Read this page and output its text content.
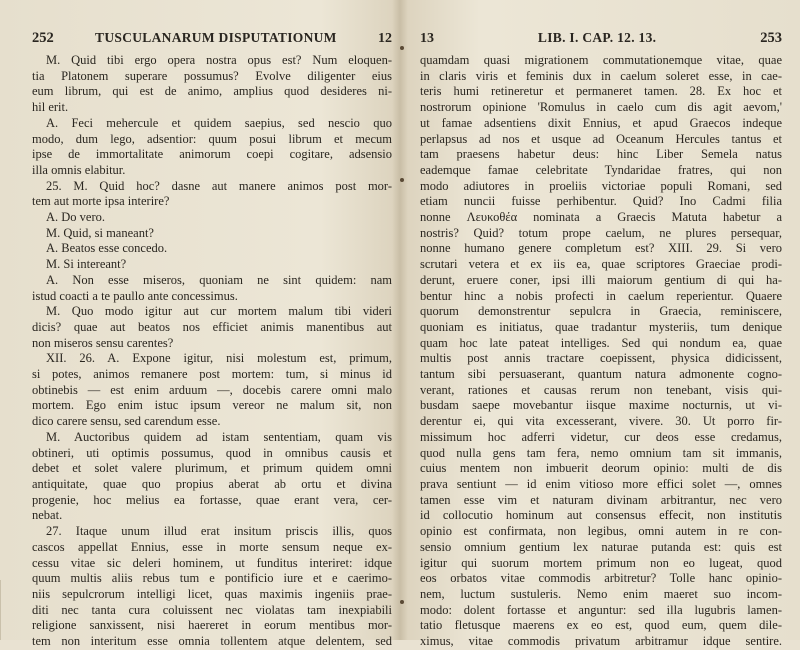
252	TUSCULANARUM DISPUTATIONUM	12
M. Quid tibi ergo opera nostra opus est? Num eloquen-
tia Platonem superare possumus? Evolve diligenter eius
eum librum, qui est de animo, amplius quod desideres ni-
hil erit.
A. Feci mehercule et quidem saepius, sed nescio quo
modo, dum lego, adsentior: quum posui librum et mecum
ipse de immortalitate animorum coepi cogitare, adsensio
illa omnis elabitur.
25. M. Quid hoc? dasne aut manere animos post mor-
tem aut morte ipsa interire?
A. Do vero.
M. Quid, si maneant?
A. Beatos esse concedo.
M. Si intereant?
A. Non esse miseros, quoniam ne sint quidem: nam
istud coacti a te paullo ante concessimus.
M. Quo modo igitur aut cur mortem malum tibi videri
dicis? quae aut beatos nos efficiet animis manentibus aut
non miseros sensu carentes?
XII. 26. A. Expone igitur, nisi molestum est, primum,
si potes, animos remanere post mortem: tum, si minus id
obtinebis — est enim arduum —, docebis carere omni malo
mortem. Ego enim istuc ipsum vereor ne malum sit, non
dico carere sensu, sed carendum esse.
M. Auctoribus quidem ad istam sententiam, quam vis
obtineri, uti optimis possumus, quod in omnibus causis et
debet et solet valere plurimum, et primum quidem omni
antiquitate, quae quo propius aberat ab ortu et divina
progenie, hoc melius ea fortasse, quae erant vera, cer-
nebat.
27. Itaque unum illud erat insitum priscis illis, quos
cascos appellat Ennius, esse in morte sensum neque ex-
cessu vitae sic deleri hominem, ut funditus interiret: idque
quum multis aliis rebus tum e pontificio iure et e caerimo-
niis sepulcrorum intelligi licet, quas maximis ingeniis prae-
diti nec tanta cura coluissent nec violatas tam inexpiabili
religione sanxissent, nisi haereret in eorum mentibus mor-
tem non interitum esse omnia tollentem atque delentem, sed
13	LIB. I. CAP. 12. 13.	253
quamdam quasi migrationem commutationemque vitae, quae
in claris viris et feminis dux in caelum soleret esse, in cae-
teris humi retineretur et permaneret tamen. 28. Ex hoc et
nostrorum opinione 'Romulus in caelo cum dis agit aevom,'
ut famae adsentiens dixit Ennius, et apud Graecos indeque
perlapsus ad nos et usque ad Oceanum Hercules tantus et
tam praesens habetur deus: hinc Liber Semela natus
eademque famae celebritate Tyndaridae fratres, qui non
modo adiutores in proeliis victoriae populi Romani, sed
etiam nuncii fuisse perhibentur. Quid? Ino Cadmi filia
nonne Λευκοθέα nominata a Graecis Matuta habetur a
nostris? Quid? totum prope caelum, ne plures persequar,
nonne humano genere completum est? XIII. 29. Si vero
scrutari vetera et ex iis ea, quae scriptores Graeciae prodi-
derunt, eruere coner, ipsi illi maiorum gentium di qui ha-
bentur hinc a nobis profecti in caelum reperientur. Quaere
quorum demonstrentur sepulcra in Graecia, reminiscere,
quoniam es initiatus, quae tradantur mysteriis, tum denique
quam hoc late pateat intelliges. Sed qui nondum ea, quae
multis post annis tractare coepissent, physica didicissent,
tantum sibi persuaserant, quantum natura admonente cogno-
verant, rationes et causas rerum non tenebant, visis qui-
busdam saepe movebantur iisque maxime nocturnis, ut vi-
derentur ei, qui vita excesserant, vivere. 30. Ut porro fir-
missimum hoc adferri videtur, cur deos esse credamus,
quod nulla gens tam fera, nemo omnium tam sit immanis,
cuius mentem non imbuerit deorum opinio: multi de dis
prava sentiunt — id enim vitioso more effici solet —, omnes
tamen esse vim et naturam divinam arbitrantur, nec vero
id collocutio hominum aut consensus effecit, non institutis
opinio est confirmata, non legibus, omni autem in re con-
sensio omnium gentium lex naturae putanda est: quis est
igitur qui suorum mortem primum non eo lugeat, quod
eos orbatos vitae commodis arbitretur? Tolle hanc opinio-
nem, luctum sustuleris. Nemo enim maeret suo incom-
modo: dolent fortasse et anguntur: sed illa lugubris lamen-
tatio fletusque maerens ex eo est, quod eum, quem dile-
ximus, vitae commodis privatum arbitramur idque sentire.
